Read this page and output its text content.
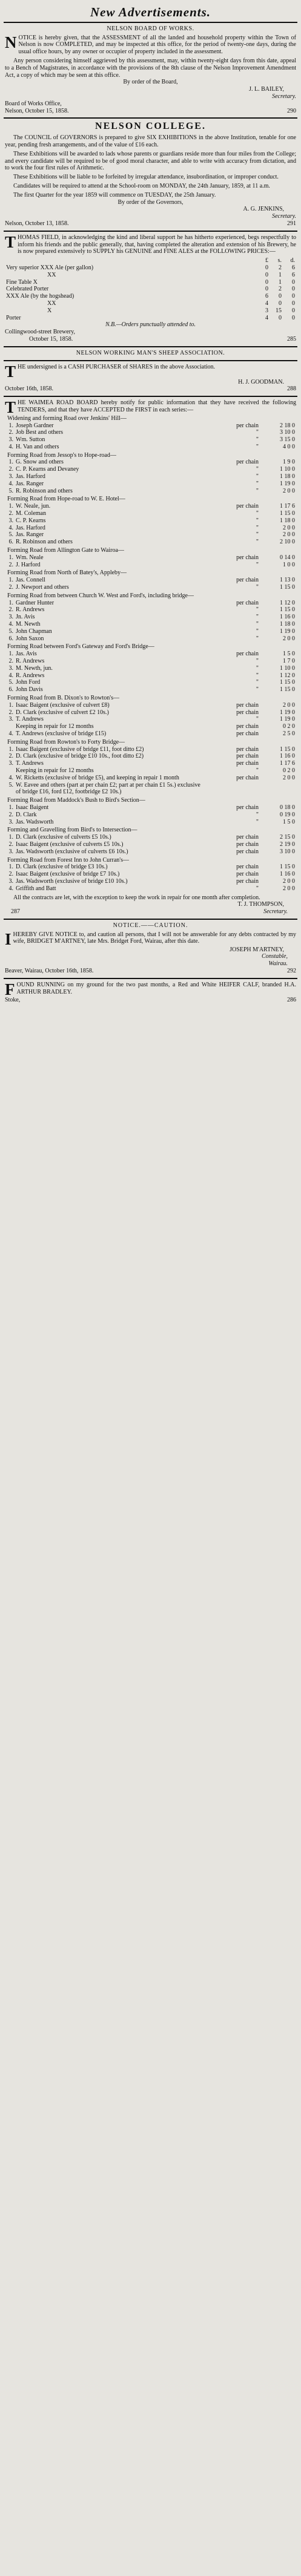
New Advertisements.
NELSON BOARD OF WORKS.
NOTICE is hereby given, that the ASSESSMENT of all the landed and household property within the Town of Nelson is now COMPLETED, and may be inspected at this office, for the period of twenty-one days, during the usual office hours, by any owner or occupier of property included in the assessment.
Any person considering himself aggrieved by this assessment, may, within twenty-eight days from this date, appeal to a Bench of Magistrates, in accordance with the provisions of the 8th clause of the Nelson Improvement Amendment Act, a copy of which may be seen at this office.
By order of the Board,
J. L. BAILEY,
Secretary.
Board of Works Office,
Nelson, October 15, 1858.	290
NELSON COLLEGE.
The COUNCIL of GOVERNORS is prepared to give SIX EXHIBITIONS in the above Institution, tenable for one year, pending fresh arrangements, and of the value of £16 each.
These Exhibitions will be awarded to lads whose parents or guardians reside more than four miles from the College; and every candidate will be required to be of good moral character, and able to write with accuracy from dictation, and to work the four first rules of Arithmetic.
These Exhibitions will be liable to be forfeited by irregular attendance, insubordination, or improper conduct.
Candidates will be required to attend at the School-room on MONDAY, the 24th January, 1859, at 11 a.m.
The first Quarter for the year 1859 will commence on TUESDAY, the 25th January.
By order of the Governors,
A. G. JENKINS,
Secretary.
Nelson, October 13, 1858.	291
THOMAS FIELD, in acknowledging the kind and liberal support he has hitherto experienced, begs respectfully to inform his friends and the public generally, that, having completed the alteration and extension of his Brewery, he is now prepared extensively to SUPPLY his GENUINE and FINE ALES at the FOLLOWING PRICES:—
	£	s.	d.
Very superior XXX Ale (per gallon)	0	2	6
XX	0	1	6
Fine Table X	0	1	0
Celebrated Porter	0	2	0

XXX Ale (by the hogshead)	6	0	0
XX	4	0	0
X	3	15	0
Porter	4	0	0
N.B.—Orders punctually attended to.
Collingwood-street Brewery,
October 15, 1858.	285
NELSON WORKING MAN'S SHEEP ASSOCIATION.
THE undersigned is a CASH PURCHASER of SHARES in the above Association.
H. J. GOODMAN.
October 16th, 1858.	288
THE WAIMEA ROAD BOARD hereby notify for public information that they have received the following TENDERS, and that they have ACCEPTED the FIRST in each series:—
Widening and forming Road over Jenkins' Hill—
1.	Joseph Gardner	per chain	2 18 0
2.	Job Best and others	"	3 10 0
3.	Wm. Sutton	"	3 15 0
4.	H. Van and others	"	4 0 0
Forming Road from Jessop's to Hope-road—
1.	G. Snow and others	per chain	1 9 0
2.	C. P. Kearns and Devaney	"	1 10 0
3.	Jas. Harford	"	1 18 0
4.	Jas. Ranger	"	1 19 0
5.	R. Robinson and others	"	2 0 0
Forming Road from Hope-road to W. E. Hotel—
1.	W. Neale, jun.	per chain	1 17 6
2.	M. Coleman	"	1 15 0
3.	C. P. Kearns	"	1 18 0
4.	Jas. Harford	"	2 0 0
5.	Jas. Ranger	"	2 0 0
6.	R. Robinson and others	"	2 10 0
Forming Road from Allington Gate to Wairoa—
1.	Wm. Neale	per chain	0 14 0
2.	J. Harford	"	1 0 0
Forming Road from North of Batey's, Appleby—
1.	Jas. Connell	per chain	1 13 0
2.	J. Newport and others	"	1 15 0
Forming Road from between Church W. West and Ford's, including bridge—
1.	Gardner Hunter	per chain	1 12 0
2.	R. Andrews	"	1 15 0
3.	Jn. Avis	"	1 16 0
4.	M. Newth	"	1 18 0
5.	John Chapman	"	1 19 0
6.	John Saxon	"	2 0 0
Forming Road between Ford's Gateway and Ford's Bridge—
1.	Jas. Avis	per chain	1 5 0
2.	R. Andrews	"	1 7 0
3.	M. Newth, jun.	"	1 10 0
4.	R. Andrews	"	1 12 0
5.	John Ford	"	1 15 0
6.	John Davis	"	1 15 0
Forming Road from B. Dixon's to Rowton's—
1.	Isaac Baigent (exclusive of culvert £8)	per chain	2 0 0
2.	D. Clark (exclusive of culvert £2 10s.)	per chain	1 19 0
3.	T. Andrews	"	1 19 0
	Keeping in repair for 12 months	per chain	0 2 0
4.	T. Andrews (exclusive of bridge £15)	per chain	2 5 0
Forming Road from Rowton's to Forty Bridge—
1.	Isaac Baigent (exclusive of bridge £11, foot ditto £2)	per chain	1 15 0
2.	D. Clark (exclusive of bridge £10 10s., foot ditto £2)	per chain	1 16 0
3.	T. Andrews	per chain	1 17 6
	Keeping in repair for 12 months	"	0 2 0
4.	W. Ricketts (exclusive of bridge £5), and keeping in repair 1 month	per chain	2 0 0
5.	W. Eavee and others (part at per chain £2; part at per chain £1 5s.) exclusive of bridge £16, ford £12, footbridge £2 10s.)		
Forming Road from Maddock's Bush to Bird's Section—
1.	Isaac Baigent	per chain	0 18 0
2.	D. Clark	"	0 19 0
3.	Jas. Wadsworth	"	1 5 0
Forming and Gravelling from Bird's to Intersection—
1.	D. Clark (exclusive of culverts £5 10s.)	per chain	2 15 0
2.	Isaac Baigent (exclusive of culverts £5 10s.)	per chain	2 19 0
3.	Jas. Wadsworth (exclusive of culverts £6 10s.)	per chain	3 10 0
Forming Road from Forest Inn to John Curran's—
1.	D. Clark (exclusive of bridge £3 10s.)	per chain	1 15 0
2.	Isaac Baigent (exclusive of bridge £7 10s.)	per chain	1 16 0
3.	Jas. Wadsworth (exclusive of bridge £10 10s.)	per chain	2 0 0
4.	Griffith and Batt	"	2 0 0
All the contracts are let, with the exception to keep the work in repair for one month after completion.
T. J. THOMPSON,
287	Secretary.
NOTICE.——CAUTION.
IHEREBY GIVE NOTICE to, and caution all persons, that I will not be answerable for any debts contracted by my wife, BRIDGET M'ARTNEY, late Mrs. Bridget Ford, Wairau, after this date.
JOSEPH M'ARTNEY,
Constable,
Wairau.
Beaver, Wairau, October 16th, 1858.	292
FOUND RUNNING on my ground for the two past months, a Red and White HEIFER CALF, branded H.A. ARTHUR BRADLEY.
Stoke,	286
